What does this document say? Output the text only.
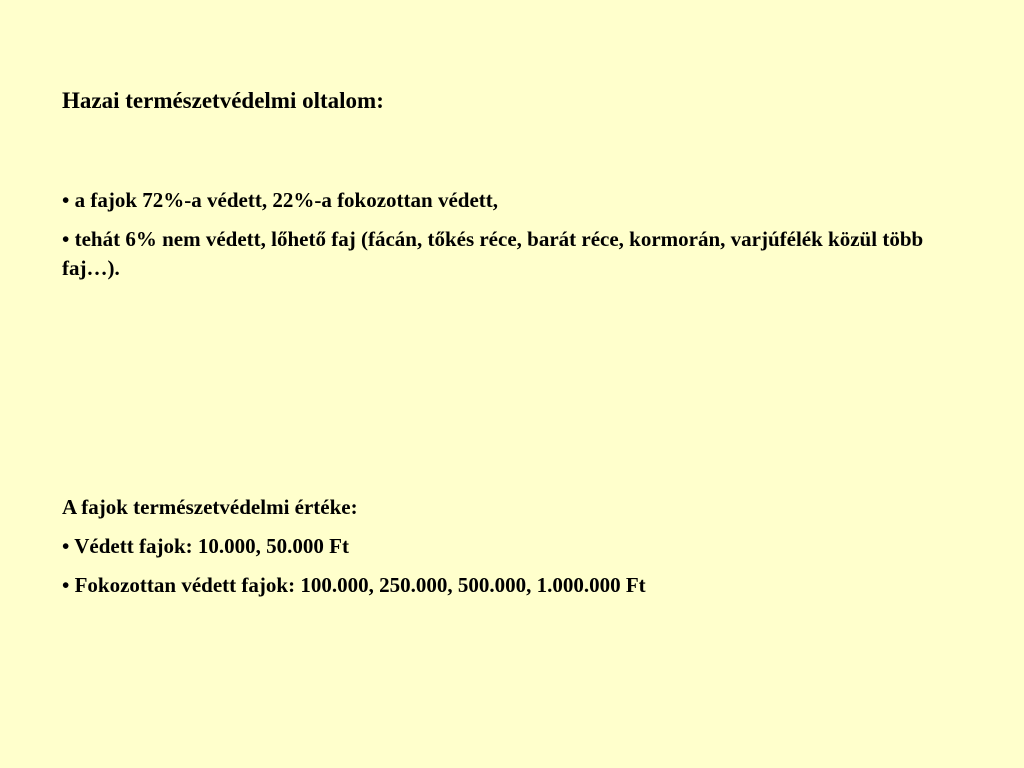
Hazai természetvédelmi oltalom:

• a fajok 72%-a védett, 22%-a fokozottan védett,

• tehát 6% nem védett, lőhető faj (fácán, tőkés réce, barát réce, kormorán, varjúfélék közül több faj…).

A fajok természetvédelmi értéke:

• Védett fajok: 10.000, 50.000 Ft

• Fokozottan védett fajok: 100.000, 250.000, 500.000, 1.000.000 Ft
